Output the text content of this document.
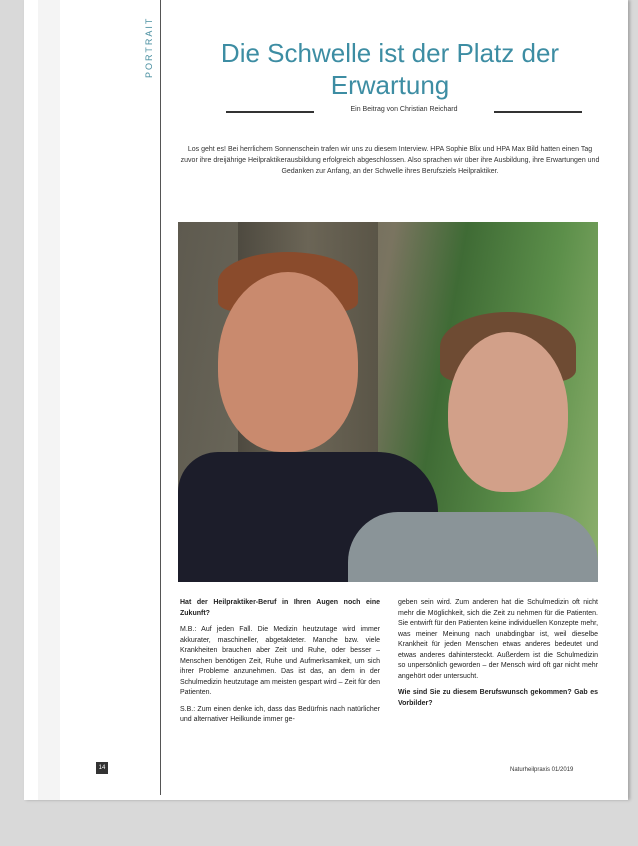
PORTRAIT	Die Schwelle ist der Platz der Erwartung
Ein Beitrag von Christian Reichard
Los geht es! Bei herrlichem Sonnenschein trafen wir uns zu diesem Interview. HPA Sophie Blix und HPA Max Bild hatten einen Tag zuvor ihre dreijährige Heilpraktikerausbildung erfolgreich abgeschlossen. Also sprachen wir über ihre Ausbildung, ihre Erwartungen und Gedanken zur Anfang, an der Schwelle ihres Berufsziels Heilpraktiker.

Hat der Heilpraktiker-Beruf in Ihren Augen noch eine Zukunft?

M.B.: Auf jeden Fall. Die Medizin heutzutage wird immer akkurater, maschineller, abgetakteter. Manche bzw. viele Krankheiten brauchen aber Zeit und Ruhe, oder besser – Menschen benötigen Zeit, Ruhe und Aufmerksamkeit, um sich ihrer Probleme anzunehmen. Das ist das, an dem in der Schulmedizin heutzutage am meisten gespart wird – Zeit für den Patienten.

S.B.: Zum einen denke ich, dass das Bedürfnis nach natürlicher und alternativer Heilkunde immer ge-

geben sein wird. Zum anderen hat die Schulmedizin oft nicht mehr die Möglichkeit, sich die Zeit zu nehmen für die Patienten. Sie entwirft für den Patienten keine individuellen Konzepte mehr, was meiner Meinung nach unabdingbar ist, weil dieselbe Krankheit für jeden Menschen etwas anderes bedeutet und etwas anderes dahintersteckt. Außerdem ist die Schulmedizin so unpersönlich geworden – der Mensch wird oft gar nicht mehr angehört oder untersucht.

Wie sind Sie zu diesem Berufswunsch gekommen? Gab es Vorbilder?

14	Naturheilpraxis 01/2019
